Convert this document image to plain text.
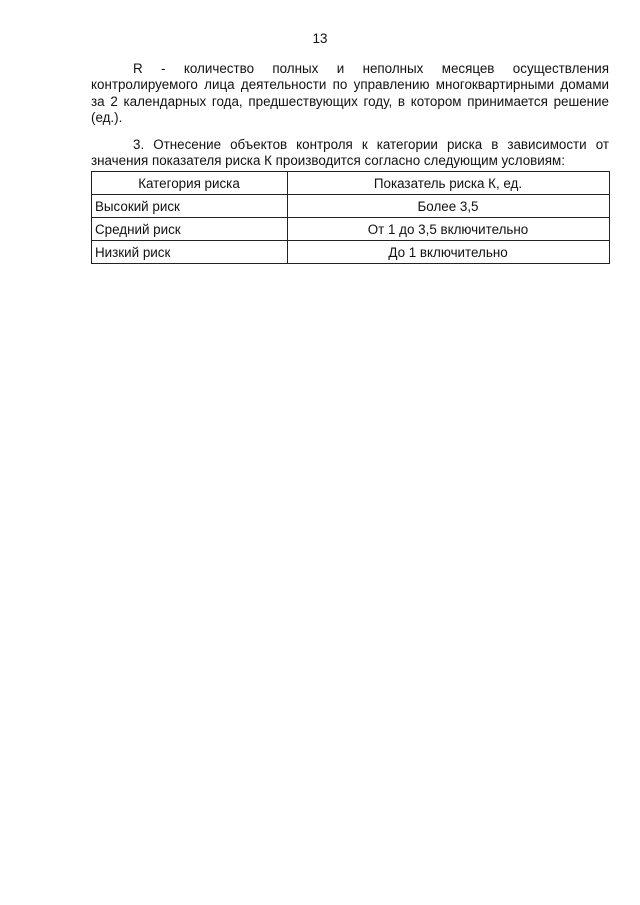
13

R - количество полных и неполных месяцев осуществления контролируемого лица деятельности по управлению многоквартирными домами за 2 календарных года, предшествующих году, в котором принимается решение (ед.).

3. Отнесение объектов контроля к категории риска в зависимости от значения показателя риска К производится согласно следующим условиям:

Категория риска	Показатель риска К, ед.
Высокий риск	Более 3,5
Средний риск	От 1 до 3,5 включительно
Низкий риск	До 1 включительно
